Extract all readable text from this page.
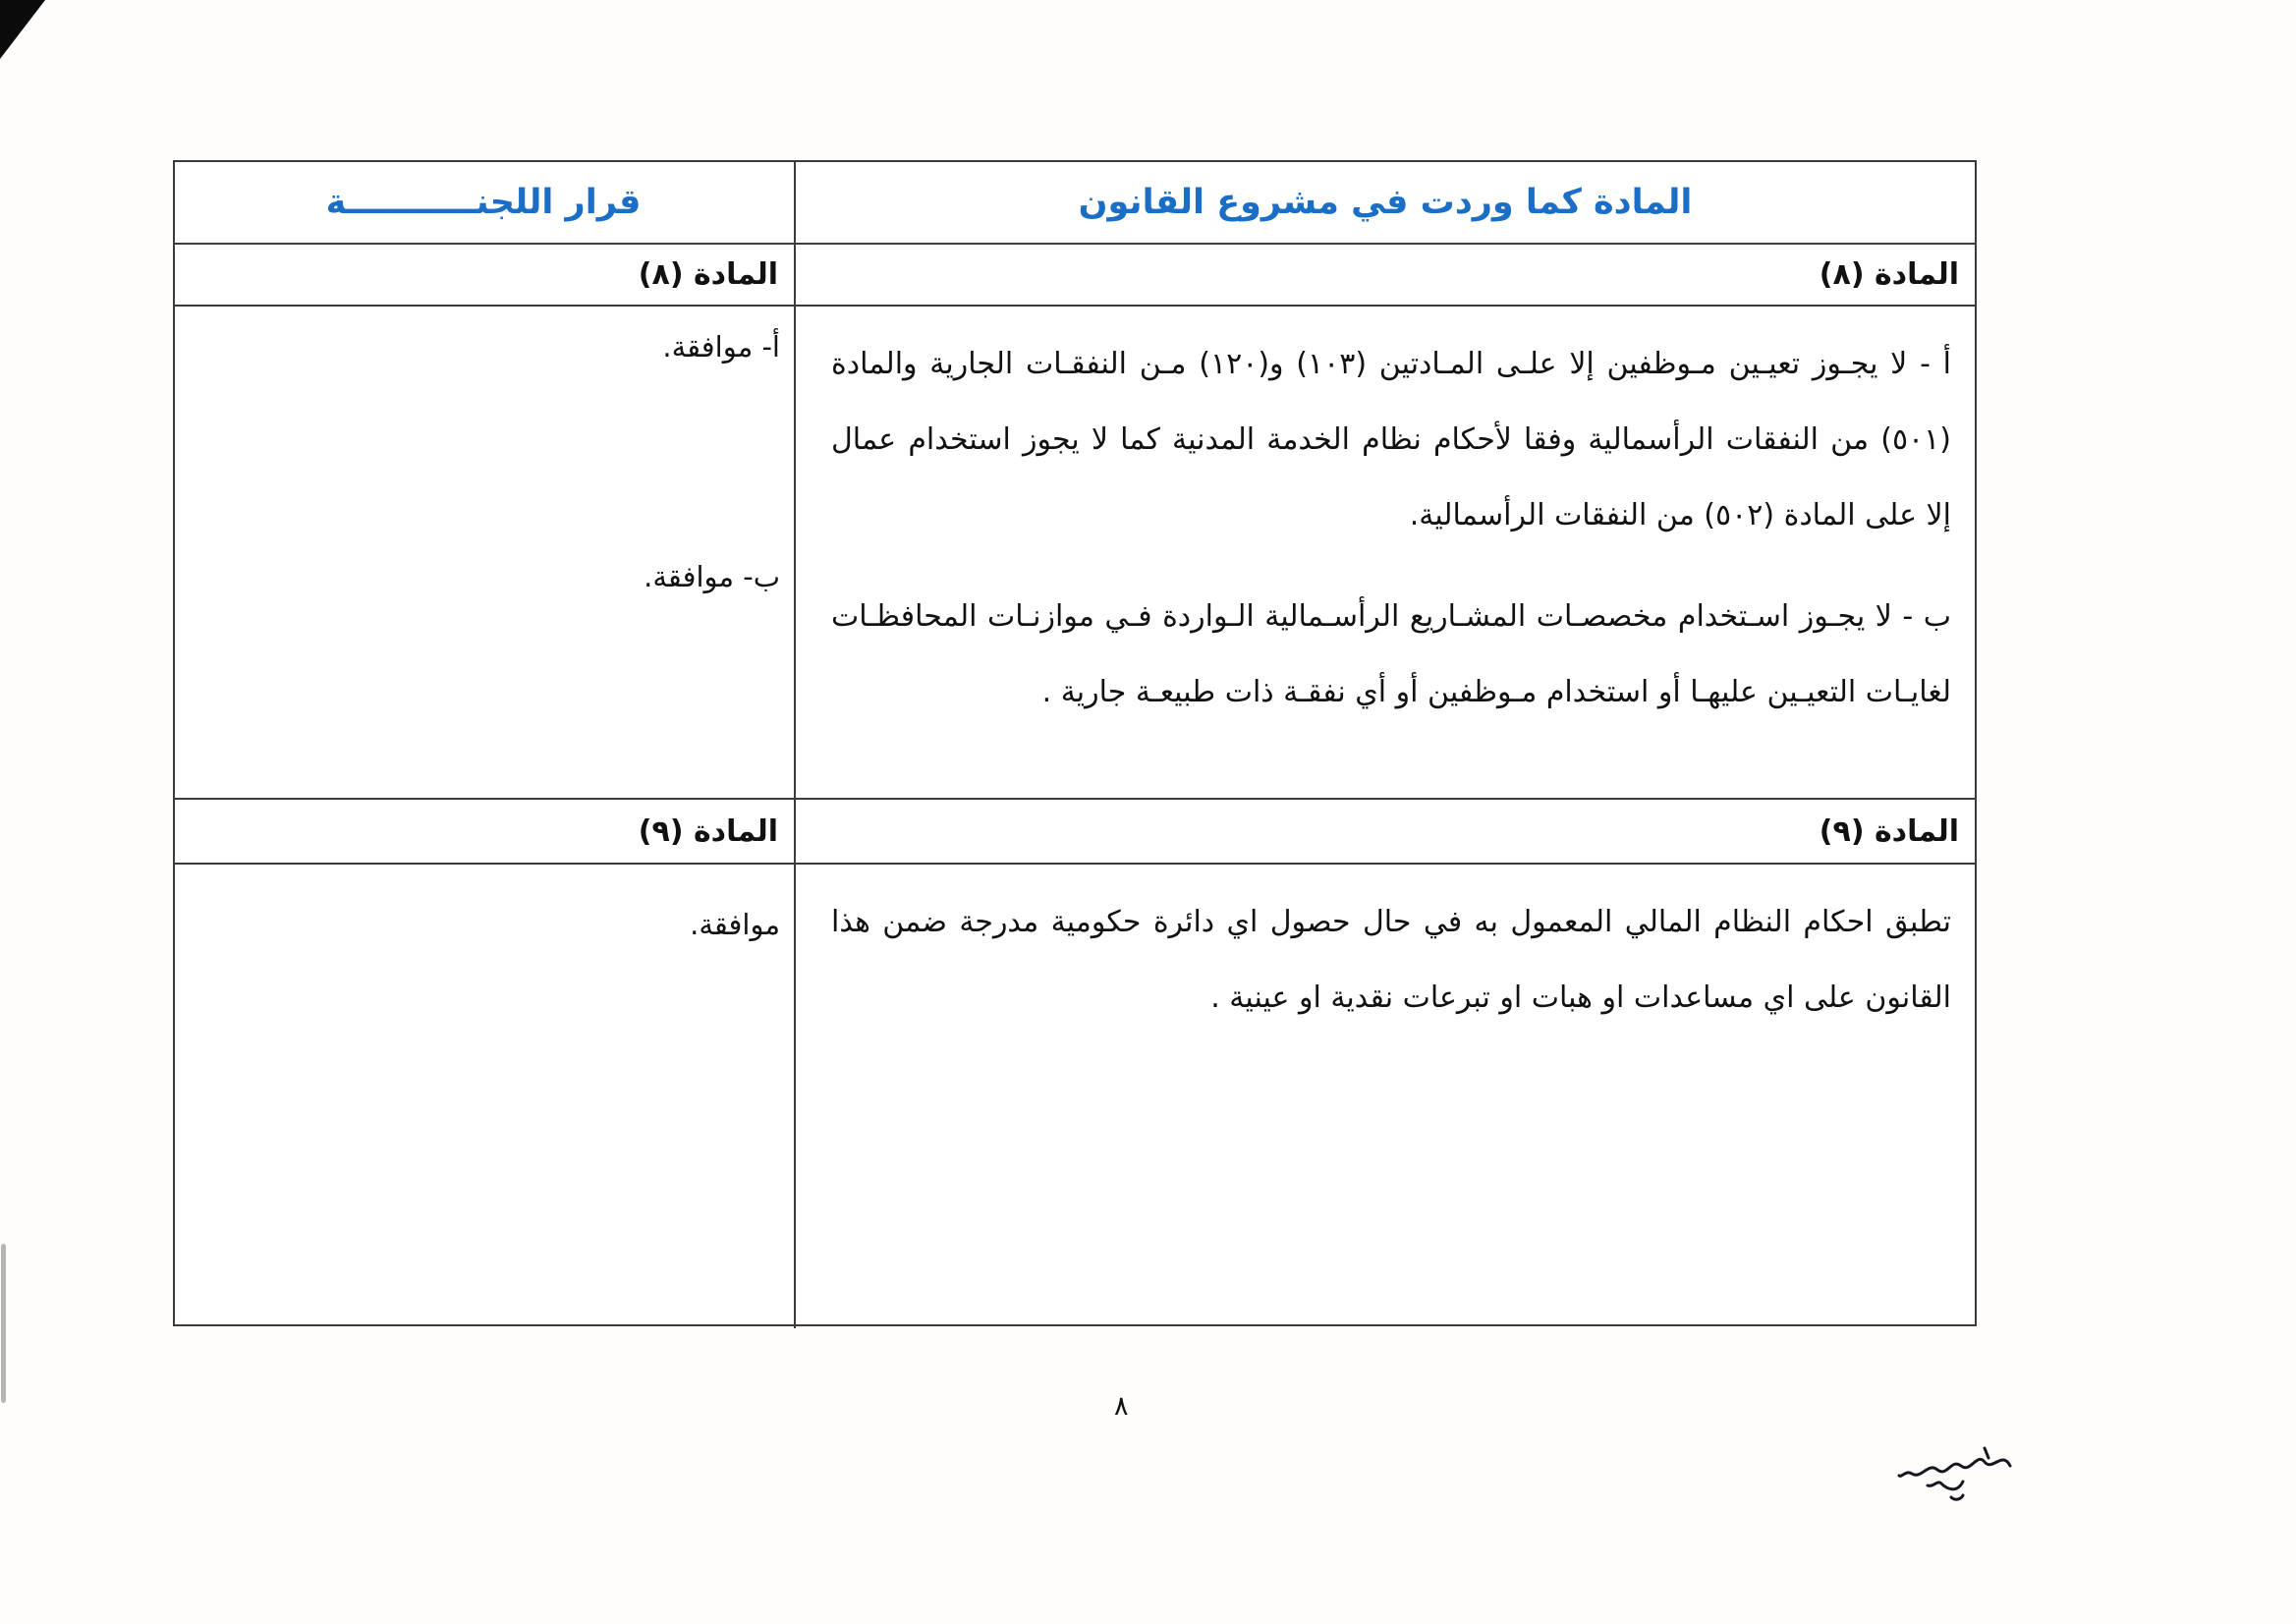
المادة كما وردت في مشروع القانون
قرار اللجنـــــــــــة
المادة (٨)
المادة (٨)

أ - لا يجـوز تعيـين مـوظفين إلا علـى المـادتين (١٠٣) و(١٢٠) مـن النفقـات الجارية والمادة (٥٠١) من النفقات الرأسمالية وفقا لأحكام نظام الخدمة المدنية كما لا يجوز استخدام عمال إلا على المادة (٥٠٢) من النفقات الرأسمالية.

ب - لا يجـوز اسـتخدام مخصصـات المشـاريع الرأسـمالية الـواردة فـي موازنـات المحافظـات لغايـات التعيـين عليهـا أو استخدام مـوظفين أو أي نفقـة ذات طبيعـة جارية .

أ- موافقة.
ب- موافقة.
المادة (٩)
المادة (٩)

تطبق احكام النظام المالي المعمول به في حال حصول اي دائرة حكومية مدرجة ضمن هذا القانون على اي مساعدات او هبات او تبرعات نقدية او عينية .

موافقة.
٨
